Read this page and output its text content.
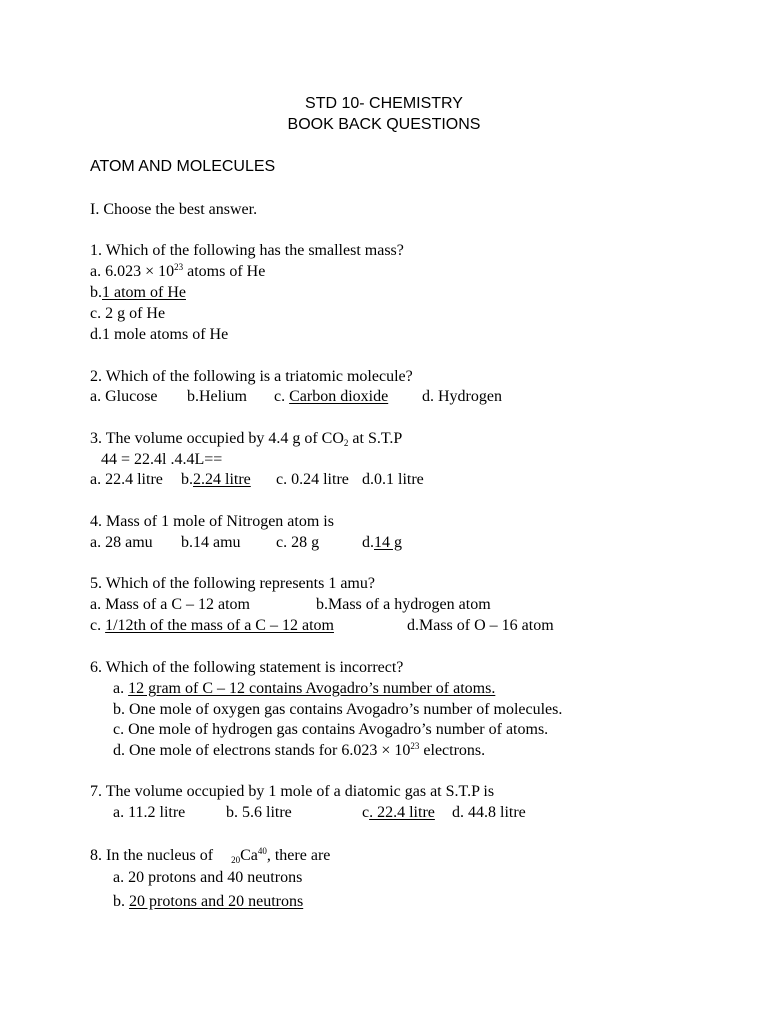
STD 10- CHEMISTRY
BOOK BACK QUESTIONS
ATOM AND MOLECULES
I. Choose the best answer.
1. Which of the following has the smallest mass?
a. $6.023 \times 10^{23}$ atoms of He
b.1 atom of He
c. 2 g of He
d.1 mole atoms of He
2. Which of the following is a triatomic molecule?
a. Glucose b.Helium c. Carbon dioxide d. Hydrogen
3. The volume occupied by 4.4 g of $CO_2$ at S.T.P
44 = 22.4l .4.4L==
a. 22.4 litre b.2.24 litre c. 0.24 litre d.0.1 litre
4. Mass of 1 mole of Nitrogen atom is
a. 28 amu b.14 amu c. 28 g	d.14 g
5. Which of the following represents 1 amu?
a. Mass of a C – 12 atom	b.Mass of a hydrogen atom
c. 1/12th of the mass of a C – 12 atom	d.Mass of O – 16 atom
6. Which of the following statement is incorrect?
a. 12 gram of C – 12 contains Avogadro’s number of atoms.
b. One mole of oxygen gas contains Avogadro’s number of molecules.
c. One mole of hydrogen gas contains Avogadro’s number of atoms.
d. One mole of electrons stands for $6.023 \times 10^{23}$ electrons.
7. The volume occupied by 1 mole of a diatomic gas at S.T.P is
a. 11.2 litre	b. 5.6 litre	c. 22.4 litre d. 44.8 litre
8. In the nucleus of $_{20}Ca^{40}$, there are
a. 20 protons and 40 neutrons
b. 20 protons and 20 neutrons
